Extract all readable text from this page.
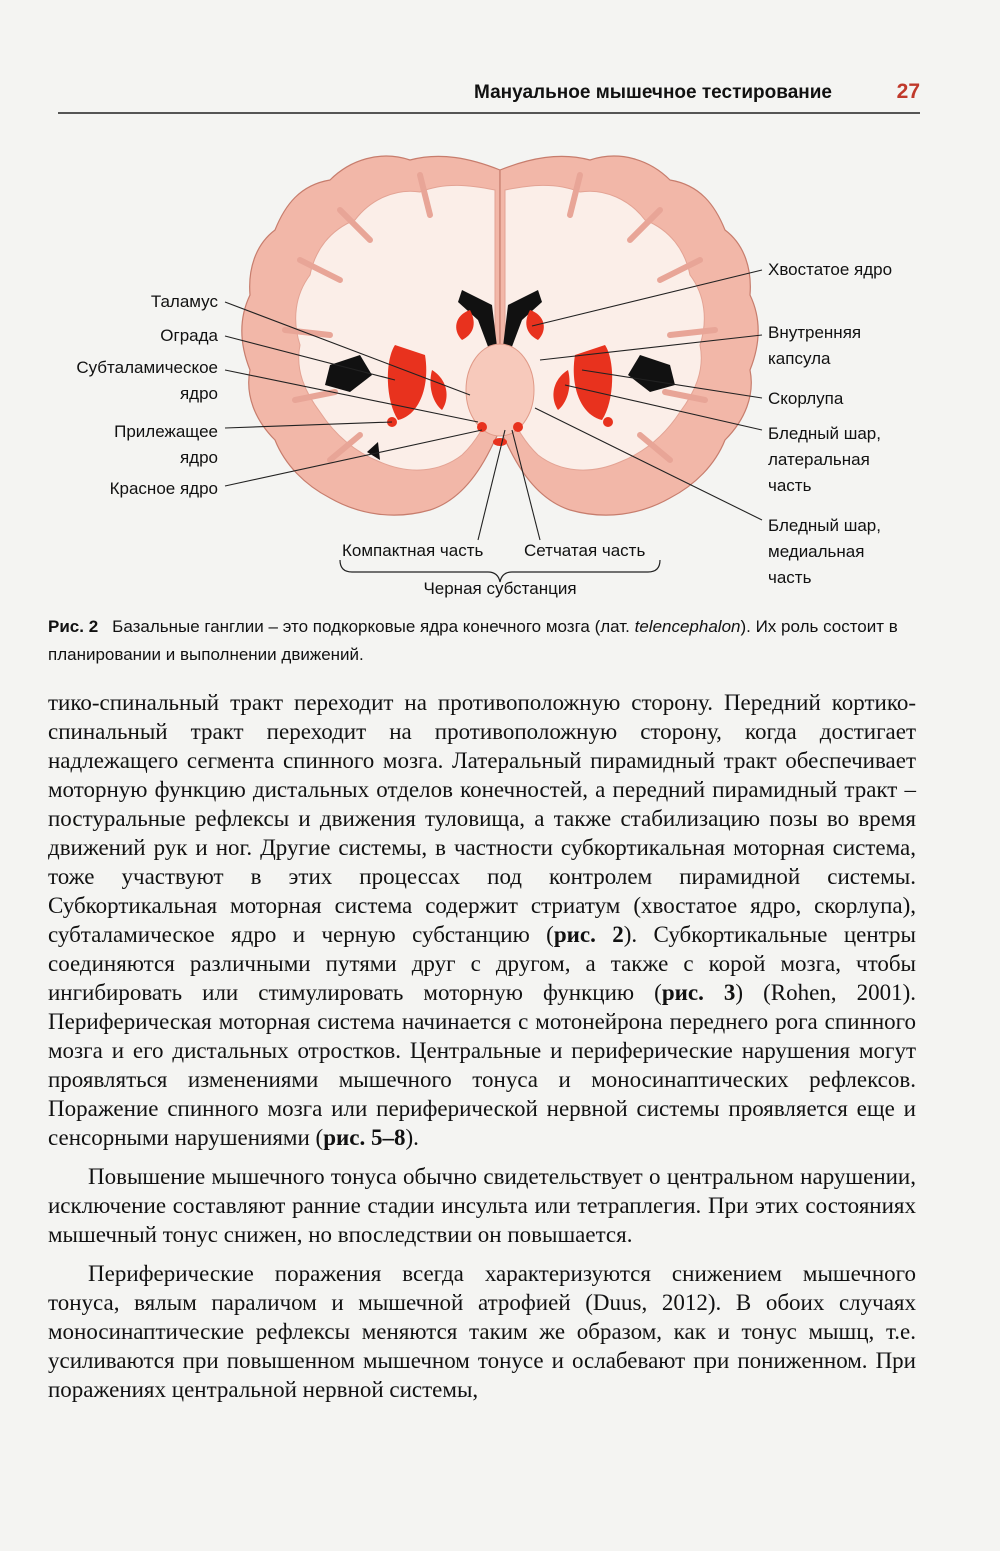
Мануальное мышечное тестирование	27
Таламус
Ограда
Субталамическое
ядро
Прилежащее
ядро
Красное ядро
Хвостатое ядро
Внутренняя
капсула
Скорлупа
Бледный шар,
латеральная
часть
Бледный шар,
медиальная
часть
Компактная часть Сетчатая часть
Черная субстанция
Рис. 2 Базальные ганглии – это подкорковые ядра конечного мозга (лат. telencephalon). Их роль состоит в планировании и выполнении движений.

тико-спинальный тракт переходит на противоположную сторону. Передний кортико-спинальный тракт переходит на противоположную сторону, когда достигает надлежащего сегмента спинного мозга. Латеральный пирамидный тракт обеспечивает моторную функцию дистальных отделов конечностей, а передний пирамидный тракт – постуральные рефлексы и движения туловища, а также стабилизацию позы во время движений рук и ног. Другие системы, в частности субкортикальная моторная система, тоже участвуют в этих процессах под контролем пирамидной системы. Субкортикальная моторная система содержит стриатум (хвостатое ядро, скорлупа), субталамическое ядро и черную субстанцию (рис. 2). Субкортикальные центры соединяются различными путями друг с другом, а также с корой мозга, чтобы ингибировать или стимулировать моторную функцию (рис. 3) (Rohen, 2001). Периферическая моторная система начинается с мотонейрона переднего рога спинного мозга и его дистальных отростков. Центральные и периферические нарушения могут проявляться изменениями мышечного тонуса и моносинаптических рефлексов. Поражение спинного мозга или периферической нервной системы проявляется еще и сенсорными нарушениями (рис. 5–8).

Повышение мышечного тонуса обычно свидетельствует о центральном нарушении, исключение составляют ранние стадии инсульта или тетраплегия. При этих состояниях мышечный тонус снижен, но впоследствии он повышается.

Периферические поражения всегда характеризуются снижением мышечного тонуса, вялым параличом и мышечной атрофией (Duus, 2012). В обоих случаях моносинаптические рефлексы меняются таким же образом, как и тонус мышц, т.е. усиливаются при повышенном мышечном тонусе и ослабевают при пониженном. При поражениях центральной нервной системы,
